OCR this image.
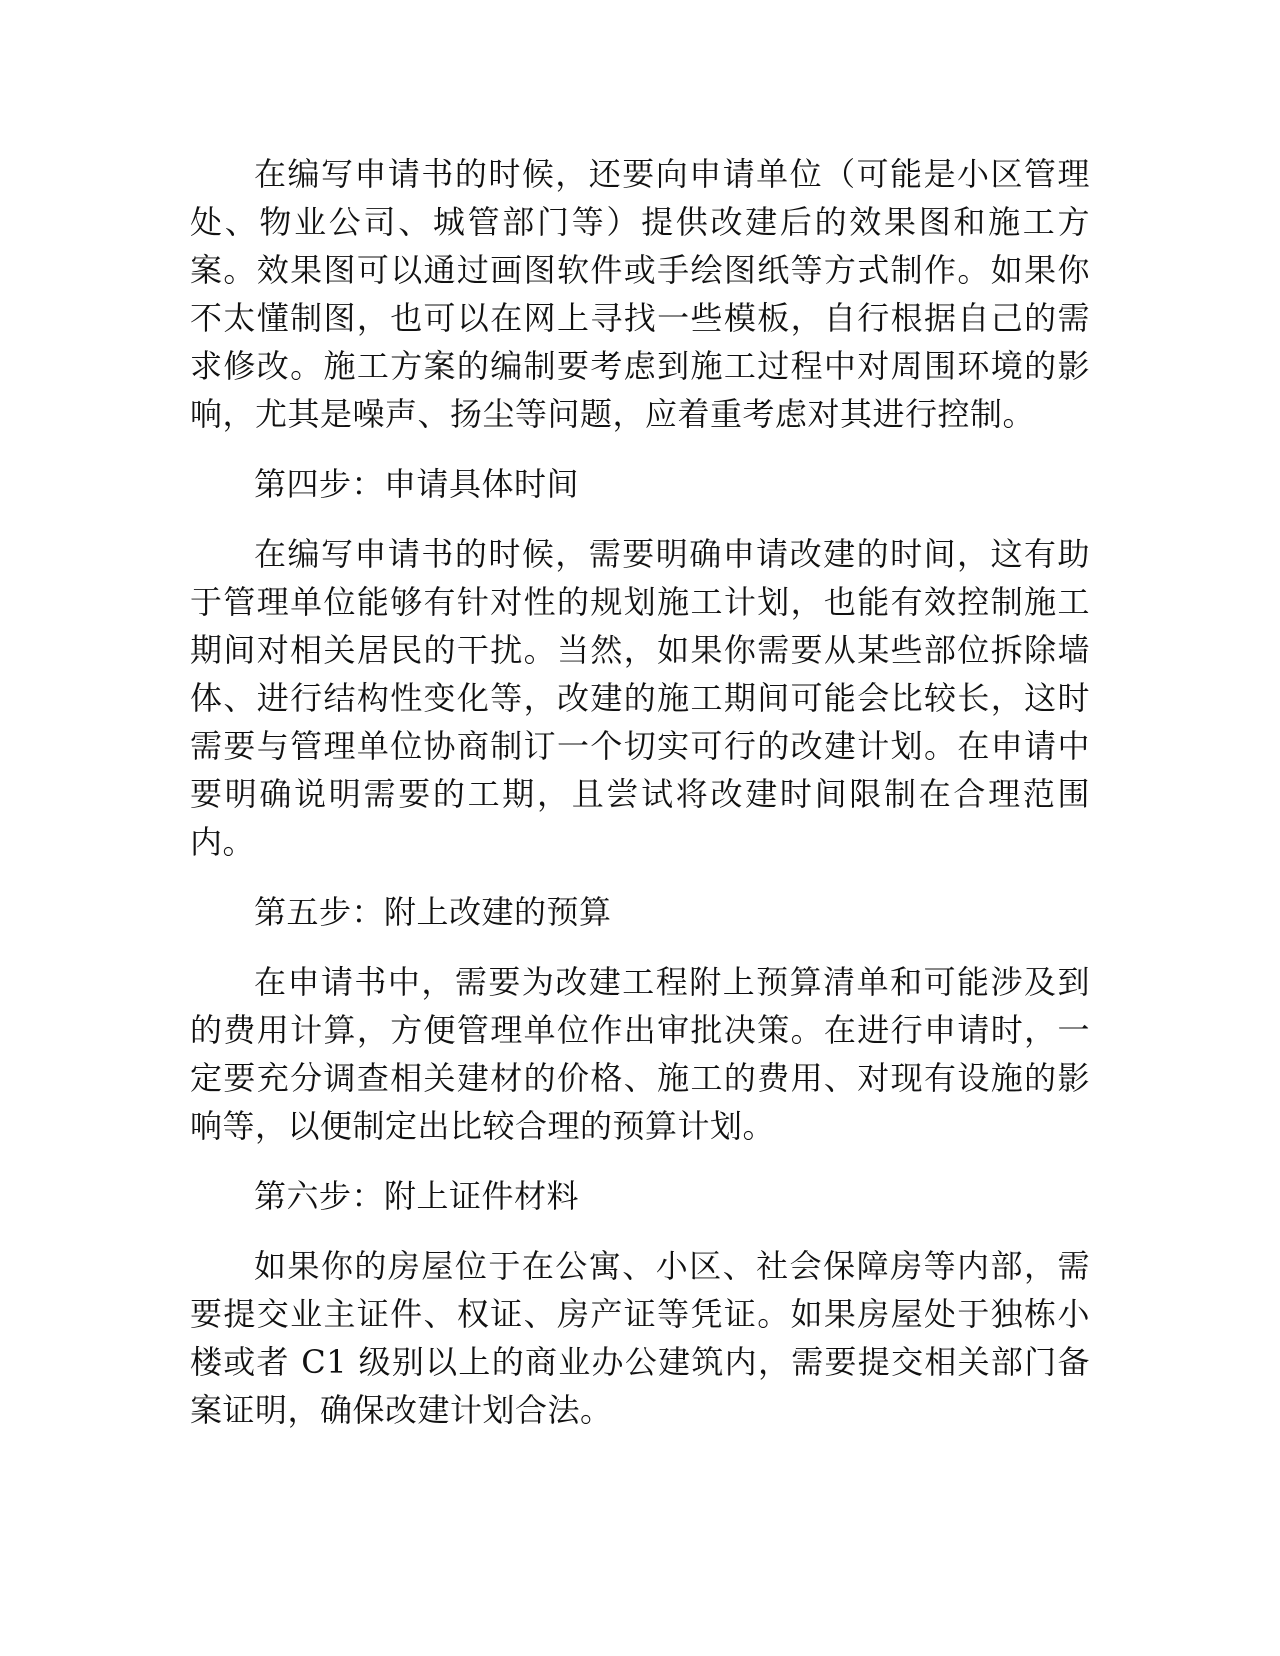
在编写申请书的时候，还要向申请单位（可能是小区管理处、物业公司、城管部门等）提供改建后的效果图和施工方案。效果图可以通过画图软件或手绘图纸等方式制作。如果你不太懂制图，也可以在网上寻找一些模板，自行根据自己的需求修改。施工方案的编制要考虑到施工过程中对周围环境的影响，尤其是噪声、扬尘等问题，应着重考虑对其进行控制。

第四步：申请具体时间

在编写申请书的时候，需要明确申请改建的时间，这有助于管理单位能够有针对性的规划施工计划，也能有效控制施工期间对相关居民的干扰。当然，如果你需要从某些部位拆除墙体、进行结构性变化等，改建的施工期间可能会比较长，这时需要与管理单位协商制订一个切实可行的改建计划。在申请中要明确说明需要的工期，且尝试将改建时间限制在合理范围内。

第五步：附上改建的预算

在申请书中，需要为改建工程附上预算清单和可能涉及到的费用计算，方便管理单位作出审批决策。在进行申请时，一定要充分调查相关建材的价格、施工的费用、对现有设施的影响等，以便制定出比较合理的预算计划。

第六步：附上证件材料

如果你的房屋位于在公寓、小区、社会保障房等内部，需要提交业主证件、权证、房产证等凭证。如果房屋处于独栋小楼或者 C1 级别以上的商业办公建筑内，需要提交相关部门备案证明，确保改建计划合法。
